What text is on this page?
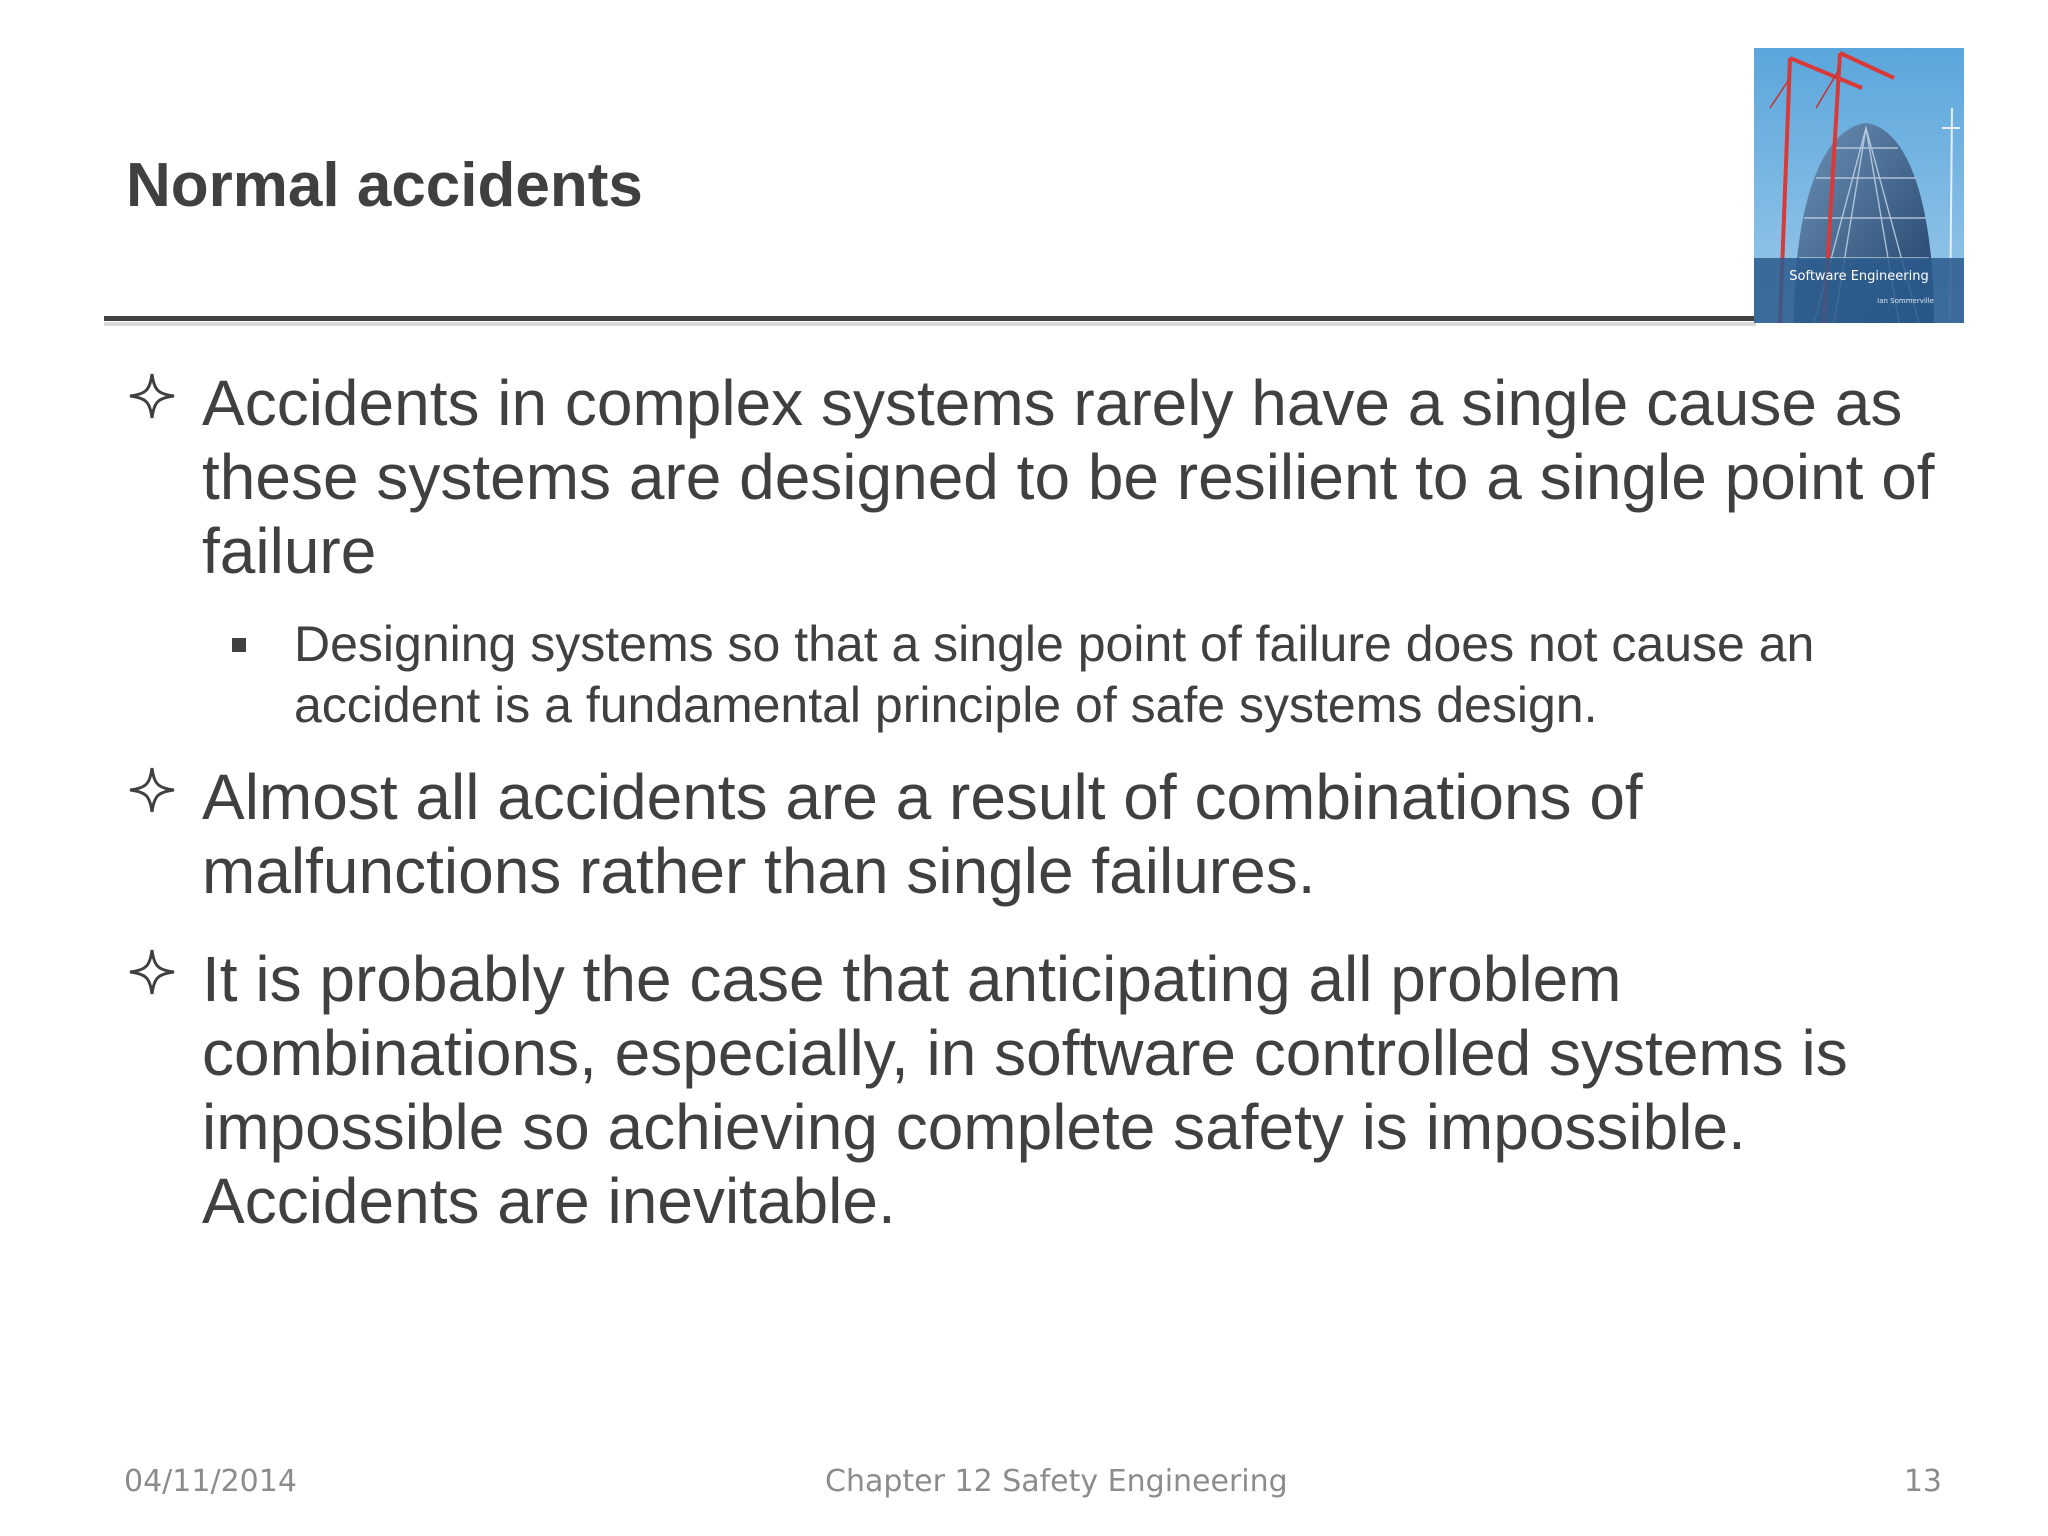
Normal accidents
Software Engineering
Ian Sommerville

Accidents in complex systems rarely have a single cause as these systems are designed to be resilient to a single point of failure

Designing systems so that a single point of failure does not cause an accident is a fundamental principle of safe systems design.

Almost all accidents are a result of combinations of malfunctions rather than single failures.

It is probably the case that anticipating all problem combinations, especially, in software controlled systems is impossible so achieving complete safety is impossible. Accidents are inevitable.

04/11/2014	Chapter 12 Safety Engineering	13
